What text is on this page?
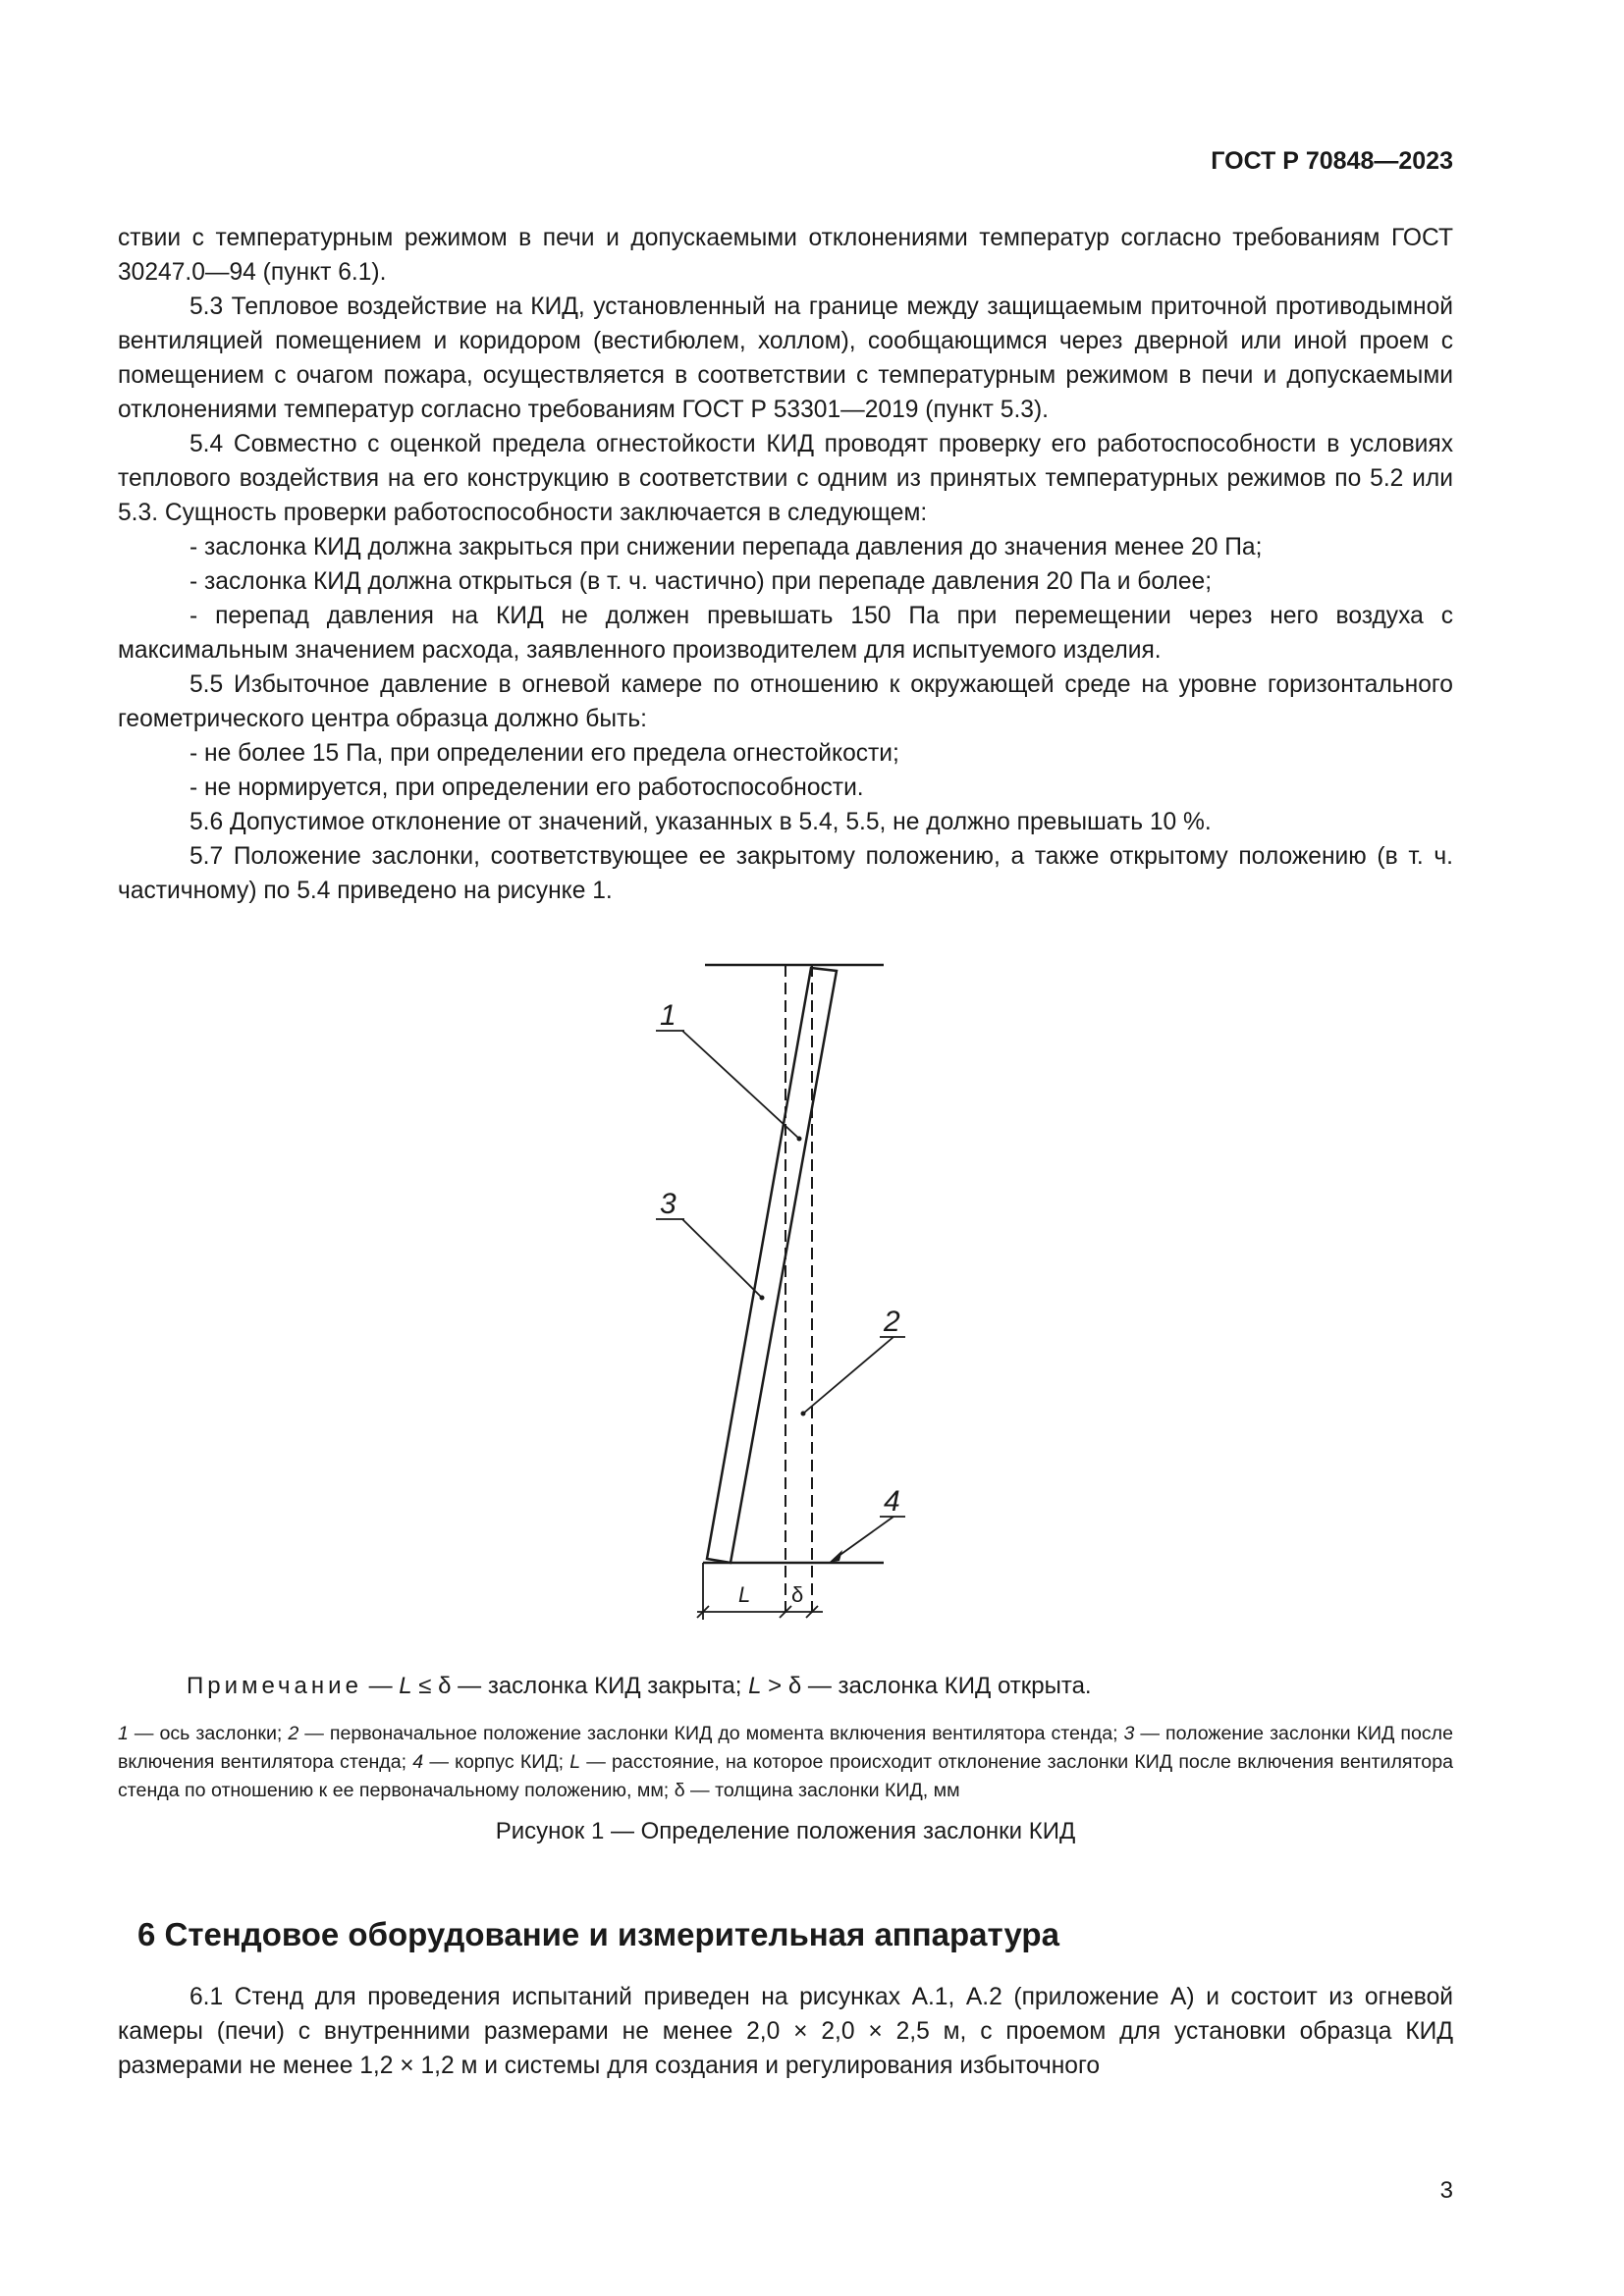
ГОСТ Р 70848—2023

ствии с температурным режимом в печи и допускаемыми отклонениями температур согласно требованиям ГОСТ 30247.0—94 (пункт 6.1).

5.3 Тепловое воздействие на КИД, установленный на границе между защищаемым приточной противодымной вентиляцией помещением и коридором (вестибюлем, холлом), сообщающимся через дверной или иной проем с помещением с очагом пожара, осуществляется в соответствии с температурным режимом в печи и допускаемыми отклонениями температур согласно требованиям ГОСТ Р 53301—2019 (пункт 5.3).

5.4 Совместно с оценкой предела огнестойкости КИД проводят проверку его работоспособности в условиях теплового воздействия на его конструкцию в соответствии с одним из принятых температурных режимов по 5.2 или 5.3. Сущность проверки работоспособности заключается в следующем:

- заслонка КИД должна закрыться при снижении перепада давления до значения менее 20 Па;

- заслонка КИД должна открыться (в т. ч. частично) при перепаде давления 20 Па и более;

- перепад давления на КИД не должен превышать 150 Па при перемещении через него воздуха с максимальным значением расхода, заявленного производителем для испытуемого изделия.

5.5 Избыточное давление в огневой камере по отношению к окружающей среде на уровне горизонтального геометрического центра образца должно быть:

- не более 15 Па, при определении его предела огнестойкости;

- не нормируется, при определении его работоспособности.

5.6 Допустимое отклонение от значений, указанных в 5.4, 5.5, не должно превышать 10 %.

5.7 Положение заслонки, соответствующее ее закрытому положению, а также открытому положению (в т. ч. частичному) по 5.4 приведено на рисунке 1.

1
3
2
4
L δ
Примечание — L ≤ δ — заслонка КИД закрыта; L > δ — заслонка КИД открыта.
1 — ось заслонки; 2 — первоначальное положение заслонки КИД до момента включения вентилятора стенда; 3 — положение заслонки КИД после включения вентилятора стенда; 4 — корпус КИД; L — расстояние, на которое происходит отклонение заслонки КИД после включения вентилятора стенда по отношению к ее первоначальному положению, мм; δ — толщина заслонки КИД, мм
Рисунок 1 — Определение положения заслонки КИД
6 Стендовое оборудование и измерительная аппаратура

6.1 Стенд для проведения испытаний приведен на рисунках А.1, А.2 (приложение А) и состоит из огневой камеры (печи) с внутренними размерами не менее 2,0 × 2,0 × 2,5 м, с проемом для установки образца КИД размерами не менее 1,2 × 1,2 м и системы для создания и регулирования избыточного

3
